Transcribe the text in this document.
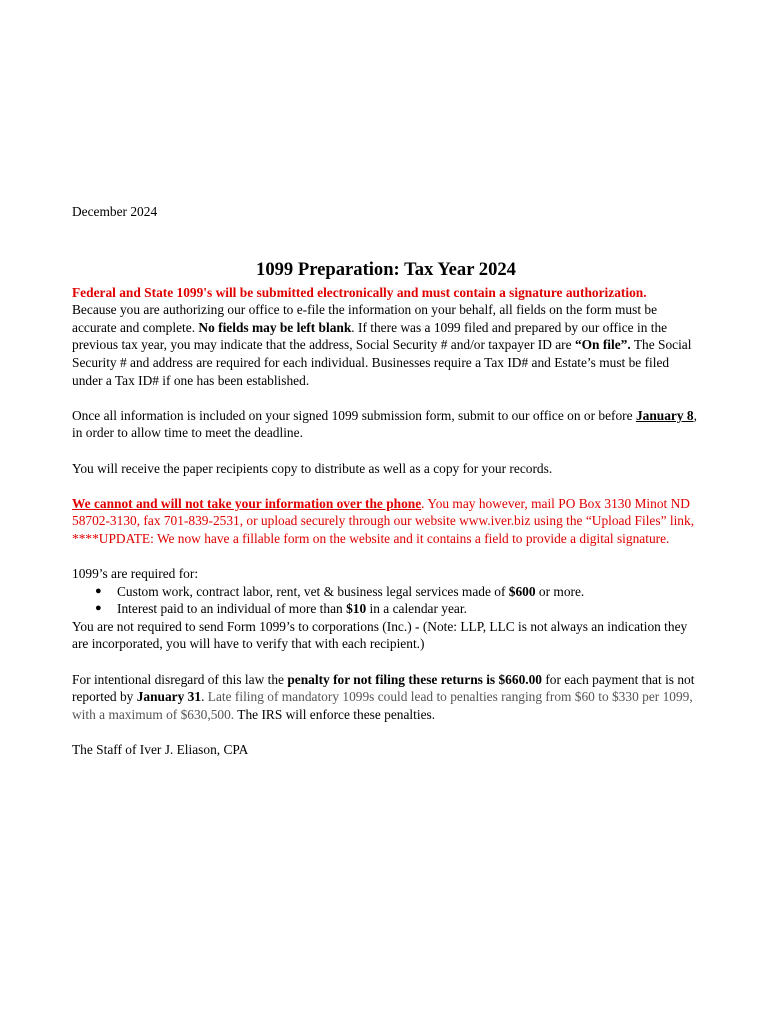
December 2024

1099 Preparation: Tax Year 2024

Federal and State 1099's will be submitted electronically and must contain a signature authorization.

Because you are authorizing our office to e-file the information on your behalf, all fields on the form must be accurate and complete. No fields may be left blank. If there was a 1099 filed and prepared by our office in the previous tax year, you may indicate that the address, Social Security # and/or taxpayer ID are “On file”. The Social Security # and address are required for each individual. Businesses require a Tax ID# and Estate’s must be filed under a Tax ID# if one has been established.

Once all information is included on your signed 1099 submission form, submit to our office on or before January 8, in order to allow time to meet the deadline.

You will receive the paper recipients copy to distribute as well as a copy for your records.

We cannot and will not take your information over the phone. You may however, mail PO Box 3130 Minot ND 58702-3130, fax 701-839-2531, or upload securely through our website www.iver.biz using the “Upload Files” link,

****UPDATE: We now have a fillable form on the website and it contains a field to provide a digital signature.

1099’s are required for:

● Custom work, contract labor, rent, vet & business legal services made of $600 or more.
● Interest paid to an individual of more than $10 in a calendar year.

You are not required to send Form 1099’s to corporations (Inc.) - (Note: LLP, LLC is not always an indication they are incorporated, you will have to verify that with each recipient.)

For intentional disregard of this law the penalty for not filing these returns is $660.00 for each payment that is not reported by January 31. Late filing of mandatory 1099s could lead to penalties ranging from $60 to $330 per 1099, with a maximum of $630,500. The IRS will enforce these penalties.

The Staff of Iver J. Eliason, CPA
